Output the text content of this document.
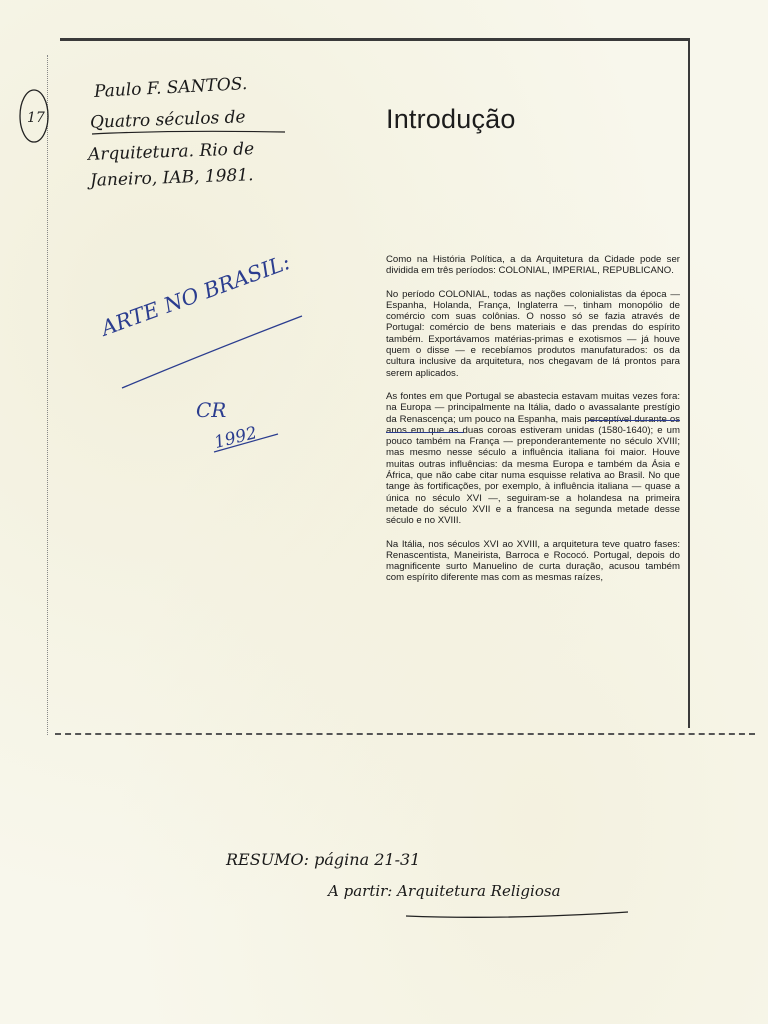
17
Paulo F. SANTOS.
Quatro séculos de
Arquitetura. Rio de
Janeiro, IAB, 1981.
ARTE NO BRASIL:
CR
1992
Introdução

Como na História Política, a da Arquitetura da Cidade pode ser dividida em três períodos: COLONIAL, IMPERIAL, REPUBLICANO.

No período COLONIAL, todas as nações colonialistas da época — Espanha, Holanda, França, Inglaterra —, tinham monopólio de comércio com suas colônias. O nosso só se fazia através de Portugal: comércio de bens materiais e das prendas do espírito também. Exportávamos matérias-primas e exotismos — já houve quem o disse — e recebíamos produtos manufaturados: os da cultura inclusive da arquitetura, nos chegavam de lá prontos para serem aplicados.

As fontes em que Portugal se abastecia estavam muitas vezes fora: na Europa — principalmente na Itália, dado o avassalante prestígio da Renascença; um pouco na Espanha, mais perceptível durante os anos em que as duas coroas estiveram unidas (1580-1640); e um pouco também na França — preponderantemente no século XVIII; mas mesmo nesse século a influência italiana foi maior. Houve muitas outras influências: da mesma Europa e também da Ásia e África, que não cabe citar numa esquisse relativa ao Brasil. No que tange às fortificações, por exemplo, à influência italiana — quase a única no século XVI —, seguiram-se a holandesa na primeira metade do século XVII e a francesa na segunda metade desse século e no XVIII.

Na Itália, nos séculos XVI ao XVIII, a arquitetura teve quatro fases: Renascentista, Maneirista, Barroca e Rococó. Portugal, depois do magnificente surto Manuelino de curta duração, acusou também com espírito diferente mas com as mesmas raízes,

RESUMO: página 21-31
A partir: Arquitetura Religiosa
